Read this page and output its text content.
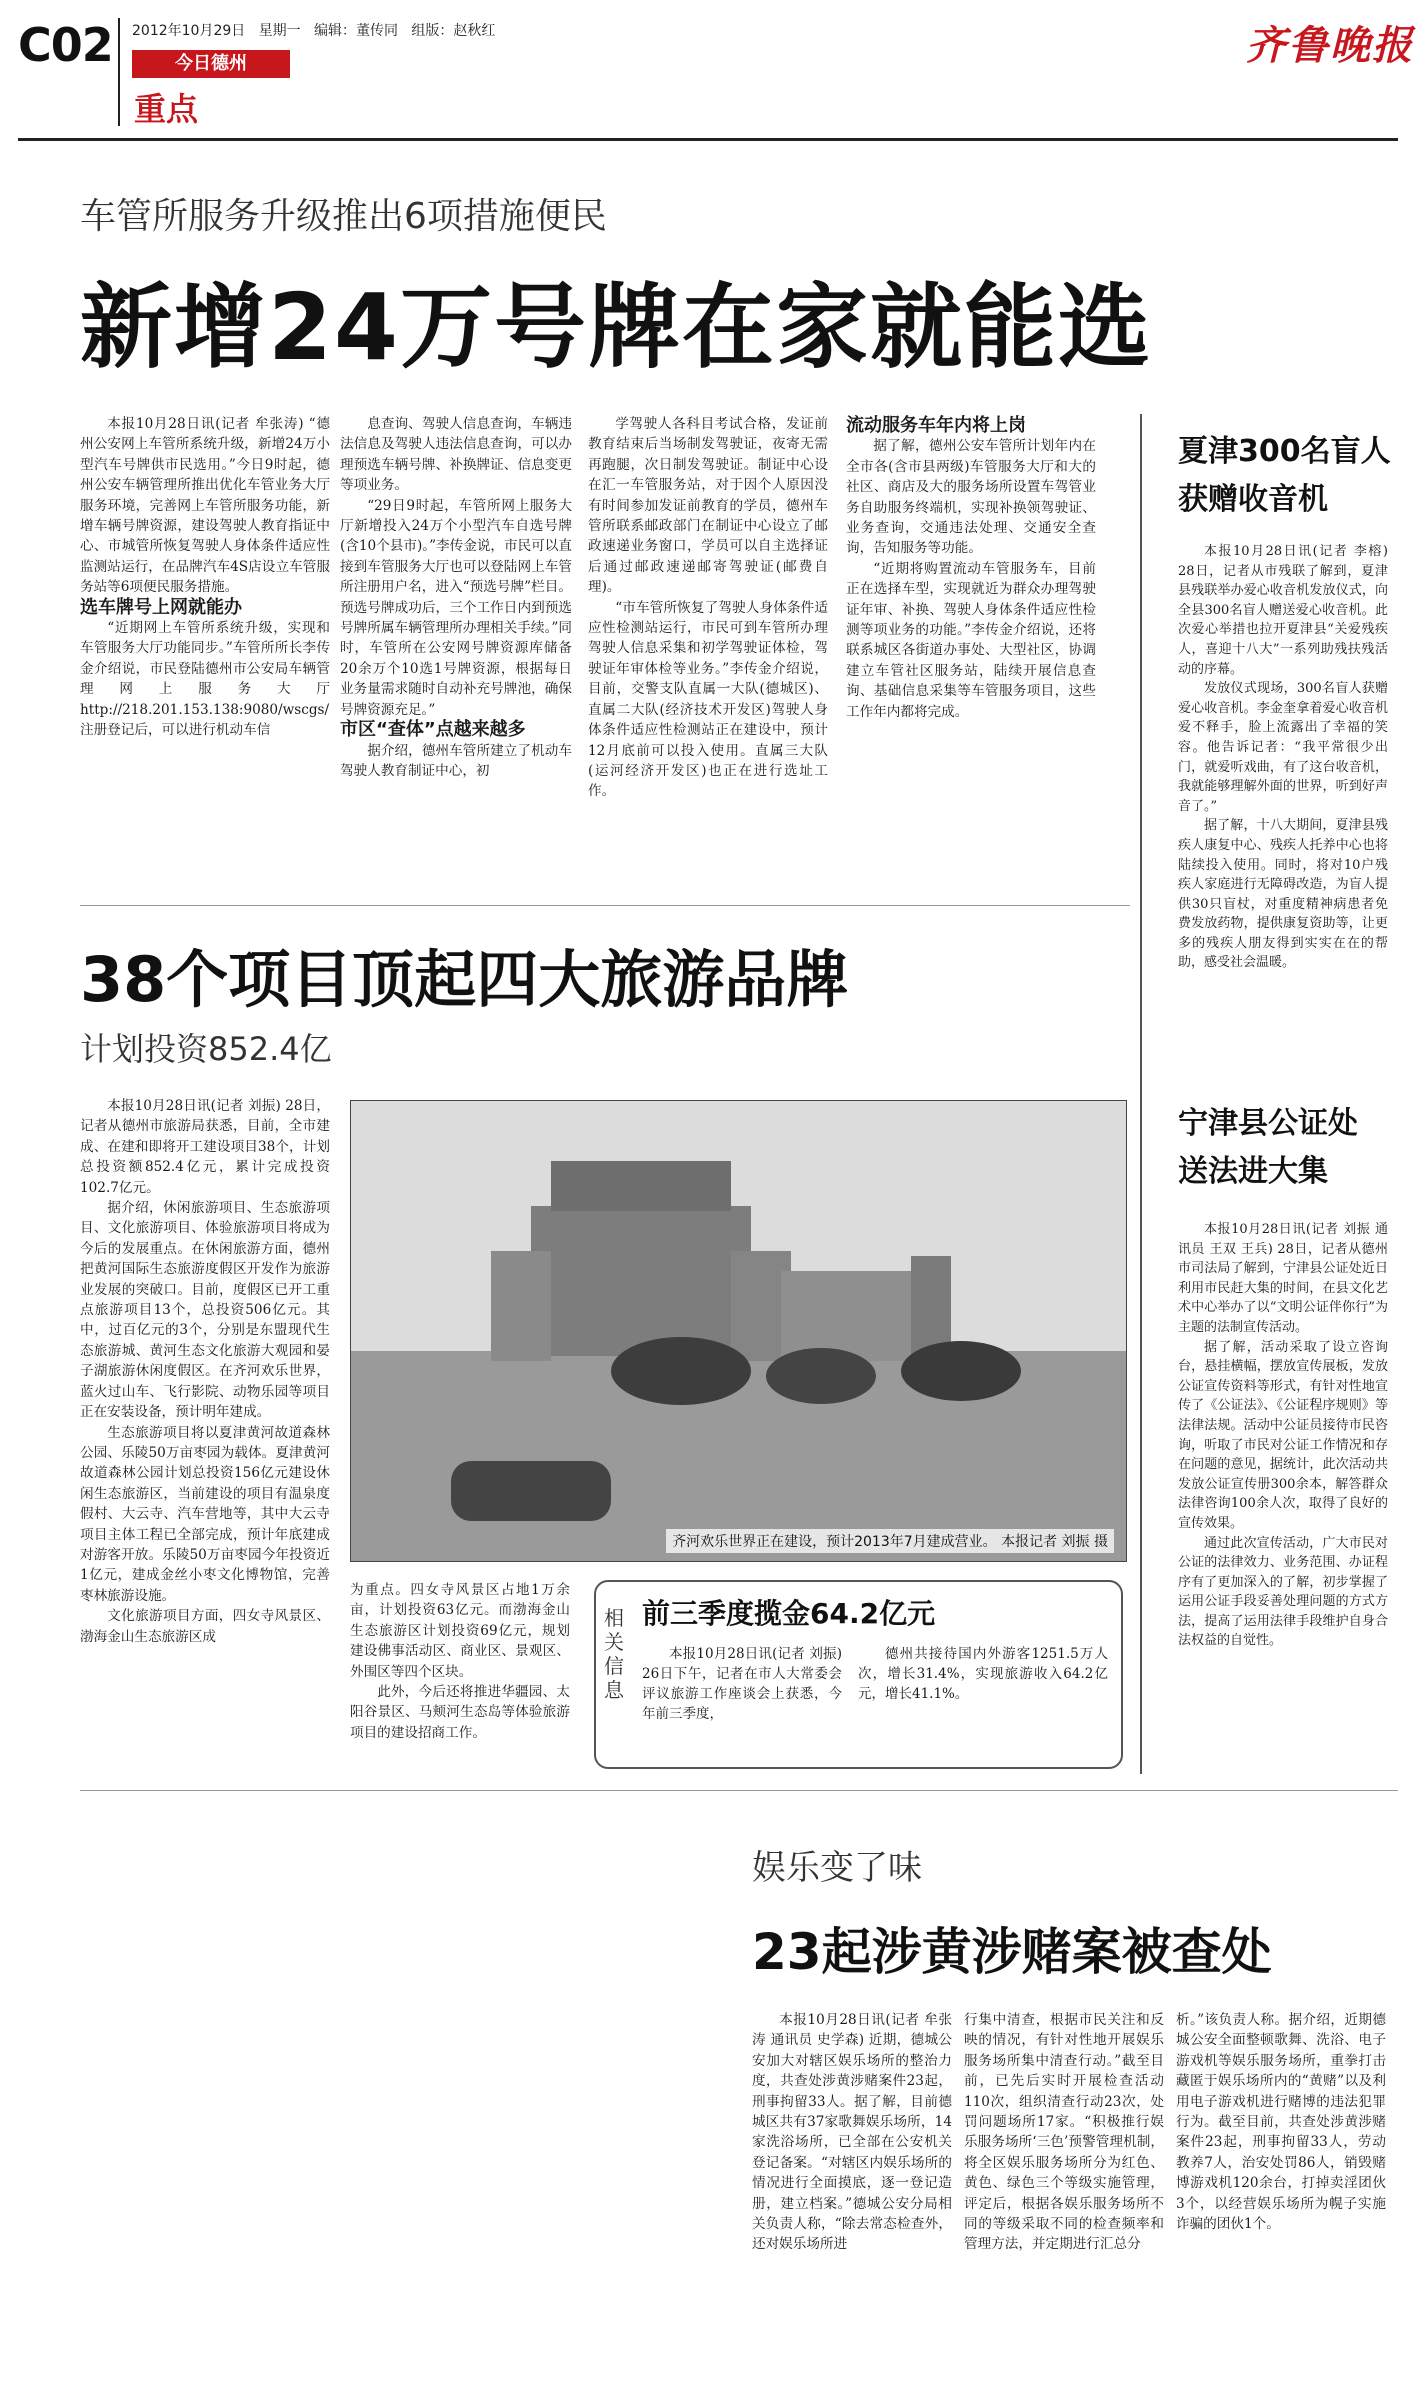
C02 2012年10月29日 星期一 编辑：董传同 组版：赵秋红
今日德州
重点
齐鲁晚报
车管所服务升级推出6项措施便民
新增24万号牌在家就能选

本报10月28日讯(记者 牟张涛) “德州公安网上车管所系统升级，新增24万小型汽车号牌供市民选用。”今日9时起，德州公安车辆管理所推出优化车管业务大厅服务环境，完善网上车管所服务功能，新增车辆号牌资源，建设驾驶人教育指证中心、市城管所恢复驾驶人身体条件适应性监测站运行，在品牌汽车4S店设立车管服务站等6项便民服务措施。

选车牌号上网就能办

“近期网上车管所系统升级，实现和车管服务大厅功能同步。”车管所所长李传金介绍说，市民登陆德州市公安局车辆管理网上服务大厅http://218.201.153.138:9080/wscgs/注册登记后，可以进行机动车信

息查询、驾驶人信息查询，车辆违法信息及驾驶人违法信息查询，可以办理预选车辆号牌、补换牌证、信息变更等项业务。

“29日9时起，车管所网上服务大厅新增投入24万个小型汽车自选号牌(含10个县市)。”李传金说，市民可以直接到车管服务大厅也可以登陆网上车管所注册用户名，进入“预选号牌”栏目。预选号牌成功后，三个工作日内到预选号牌所属车辆管理所办理相关手续。”同时，车管所在公安网号牌资源库储备20余万个10选1号牌资源，根据每日业务量需求随时自动补充号牌池，确保号牌资源充足。”

市区“查体”点越来越多

据介绍，德州车管所建立了机动车驾驶人教育制证中心，初

学驾驶人各科目考试合格，发证前教育结束后当场制发驾驶证，夜寄无需再跑腿，次日制发驾驶证。制证中心设在汇一车管服务站，对于因个人原因没有时间参加发证前教育的学员，德州车管所联系邮政部门在制证中心设立了邮政速递业务窗口，学员可以自主选择证后通过邮政速递邮寄驾驶证(邮费自理)。

“市车管所恢复了驾驶人身体条件适应性检测站运行，市民可到车管所办理驾驶人信息采集和初学驾驶证体检，驾驶证年审体检等业务。”李传金介绍说，目前，交警支队直属一大队(德城区)、直属二大队(经济技术开发区)驾驶人身体条件适应性检测站正在建设中，预计12月底前可以投入使用。直属三大队(运河经济开发区)也正在进行选址工作。

流动服务车年内将上岗

据了解，德州公安车管所计划年内在全市各(含市县两级)车管服务大厅和大的社区、商店及大的服务场所设置车驾管业务自助服务终端机，实现补换领驾驶证、业务查询，交通违法处理、交通安全查询，告知服务等功能。

“近期将购置流动车管服务车，目前正在选择车型，实现就近为群众办理驾驶证年审、补换、驾驶人身体条件适应性检测等项业务的功能。”李传金介绍说，还将联系城区各街道办事处、大型社区，协调建立车管社区服务站，陆续开展信息查询、基础信息采集等车管服务项目，这些工作年内都将完成。

夏津300名盲人
获赠收音机

本报10月28日讯(记者 李榕) 28日，记者从市残联了解到，夏津县残联举办爱心收音机发放仪式，向全县300名盲人赠送爱心收音机。此次爱心举措也拉开夏津县“关爱残疾人，喜迎十八大”一系列助残扶残活动的序幕。

发放仪式现场，300名盲人获赠爱心收音机。李金奎拿着爱心收音机爱不释手，脸上流露出了幸福的笑容。他告诉记者：“我平常很少出门，就爱听戏曲，有了这台收音机，我就能够理解外面的世界，听到好声音了。”

据了解，十八大期间，夏津县残疾人康复中心、残疾人托养中心也将陆续投入使用。同时，将对10户残疾人家庭进行无障碍改造，为盲人提供30只盲杖，对重度精神病患者免费发放药物，提供康复资助等，让更多的残疾人朋友得到实实在在的帮助，感受社会温暖。

宁津县公证处
送法进大集

本报10月28日讯(记者 刘振 通讯员 王双 王兵) 28日，记者从德州市司法局了解到，宁津县公证处近日利用市民赶大集的时间，在县文化艺术中心举办了以“文明公证伴你行”为主题的法制宣传活动。

据了解，活动采取了设立咨询台，悬挂横幅，摆放宣传展板，发放公证宣传资料等形式，有针对性地宣传了《公证法》、《公证程序规则》等法律法规。活动中公证员接待市民咨询，听取了市民对公证工作情况和存在问题的意见，据统计，此次活动共发放公证宣传册300余本，解答群众法律咨询100余人次，取得了良好的宣传效果。

通过此次宣传活动，广大市民对公证的法律效力、业务范围、办证程序有了更加深入的了解，初步掌握了运用公证手段妥善处理问题的方式方法，提高了运用法律手段维护自身合法权益的自觉性。

38个项目顶起四大旅游品牌
计划投资852.4亿

本报10月28日讯(记者 刘振) 28日，记者从德州市旅游局获悉，目前，全市建成、在建和即将开工建设项目38个，计划总投资额852.4亿元，累计完成投资102.7亿元。

据介绍，休闲旅游项目、生态旅游项目、文化旅游项目、体验旅游项目将成为今后的发展重点。在休闲旅游方面，德州把黄河国际生态旅游度假区开发作为旅游业发展的突破口。目前，度假区已开工重点旅游项目13个，总投资506亿元。其中，过百亿元的3个，分别是东盟现代生态旅游城、黄河生态文化旅游大观园和晏子湖旅游休闲度假区。在齐河欢乐世界，蓝火过山车、飞行影院、动物乐园等项目正在安装设备，预计明年建成。

生态旅游项目将以夏津黄河故道森林公园、乐陵50万亩枣园为载体。夏津黄河故道森林公园计划总投资156亿元建设休闲生态旅游区，当前建设的项目有温泉度假村、大云寺、汽车营地等，其中大云寺项目主体工程已全部完成，预计年底建成对游客开放。乐陵50万亩枣园今年投资近1亿元，建成金丝小枣文化博物馆，完善枣林旅游设施。

文化旅游项目方面，四女寺风景区、渤海金山生态旅游区成

齐河欢乐世界正在建设，预计2013年7月建成营业。 本报记者 刘振 摄

为重点。四女寺风景区占地1万余亩，计划投资63亿元。而渤海金山生态旅游区计划投资69亿元，规划建设佛事活动区、商业区、景观区、外围区等四个区块。

此外，今后还将推进华疆园、太阳谷景区、马颊河生态岛等体验旅游项目的建设招商工作。

相关信息
前三季度揽金64.2亿元

本报10月28日讯(记者 刘振) 26日下午，记者在市人大常委会评议旅游工作座谈会上获悉，今年前三季度，

德州共接待国内外游客1251.5万人次，增长31.4%，实现旅游收入64.2亿元，增长41.1%。

娱乐变了味
23起涉黄涉赌案被查处

本报10月28日讯(记者 牟张涛 通讯员 史学森) 近期，德城公安加大对辖区娱乐场所的整治力度，共查处涉黄涉赌案件23起，刑事拘留33人。据了解，目前德城区共有37家歌舞娱乐场所，14家洗浴场所，已全部在公安机关登记备案。“对辖区内娱乐场所的情况进行全面摸底，逐一登记造册，建立档案。”德城公安分局相关负责人称，“除去常态检查外，还对娱乐场所进

行集中清查，根据市民关注和反映的情况，有针对性地开展娱乐服务场所集中清查行动。”截至目前，已先后实时开展检查活动110次，组织清查行动23次，处罚问题场所17家。“积极推行娱乐服务场所‘三色’预警管理机制，将全区娱乐服务场所分为红色、黄色、绿色三个等级实施管理，评定后，根据各娱乐服务场所不同的等级采取不同的检查频率和管理方法，并定期进行汇总分

析。”该负责人称。据介绍，近期德城公安全面整顿歌舞、洗浴、电子游戏机等娱乐服务场所，重拳打击藏匿于娱乐场所内的“黄赌”以及利用电子游戏机进行赌博的违法犯罪行为。截至目前，共查处涉黄涉赌案件23起，刑事拘留33人，劳动教养7人，治安处罚86人，销毁赌博游戏机120余台，打掉卖淫团伙3个，以经营娱乐场所为幌子实施诈骗的团伙1个。
